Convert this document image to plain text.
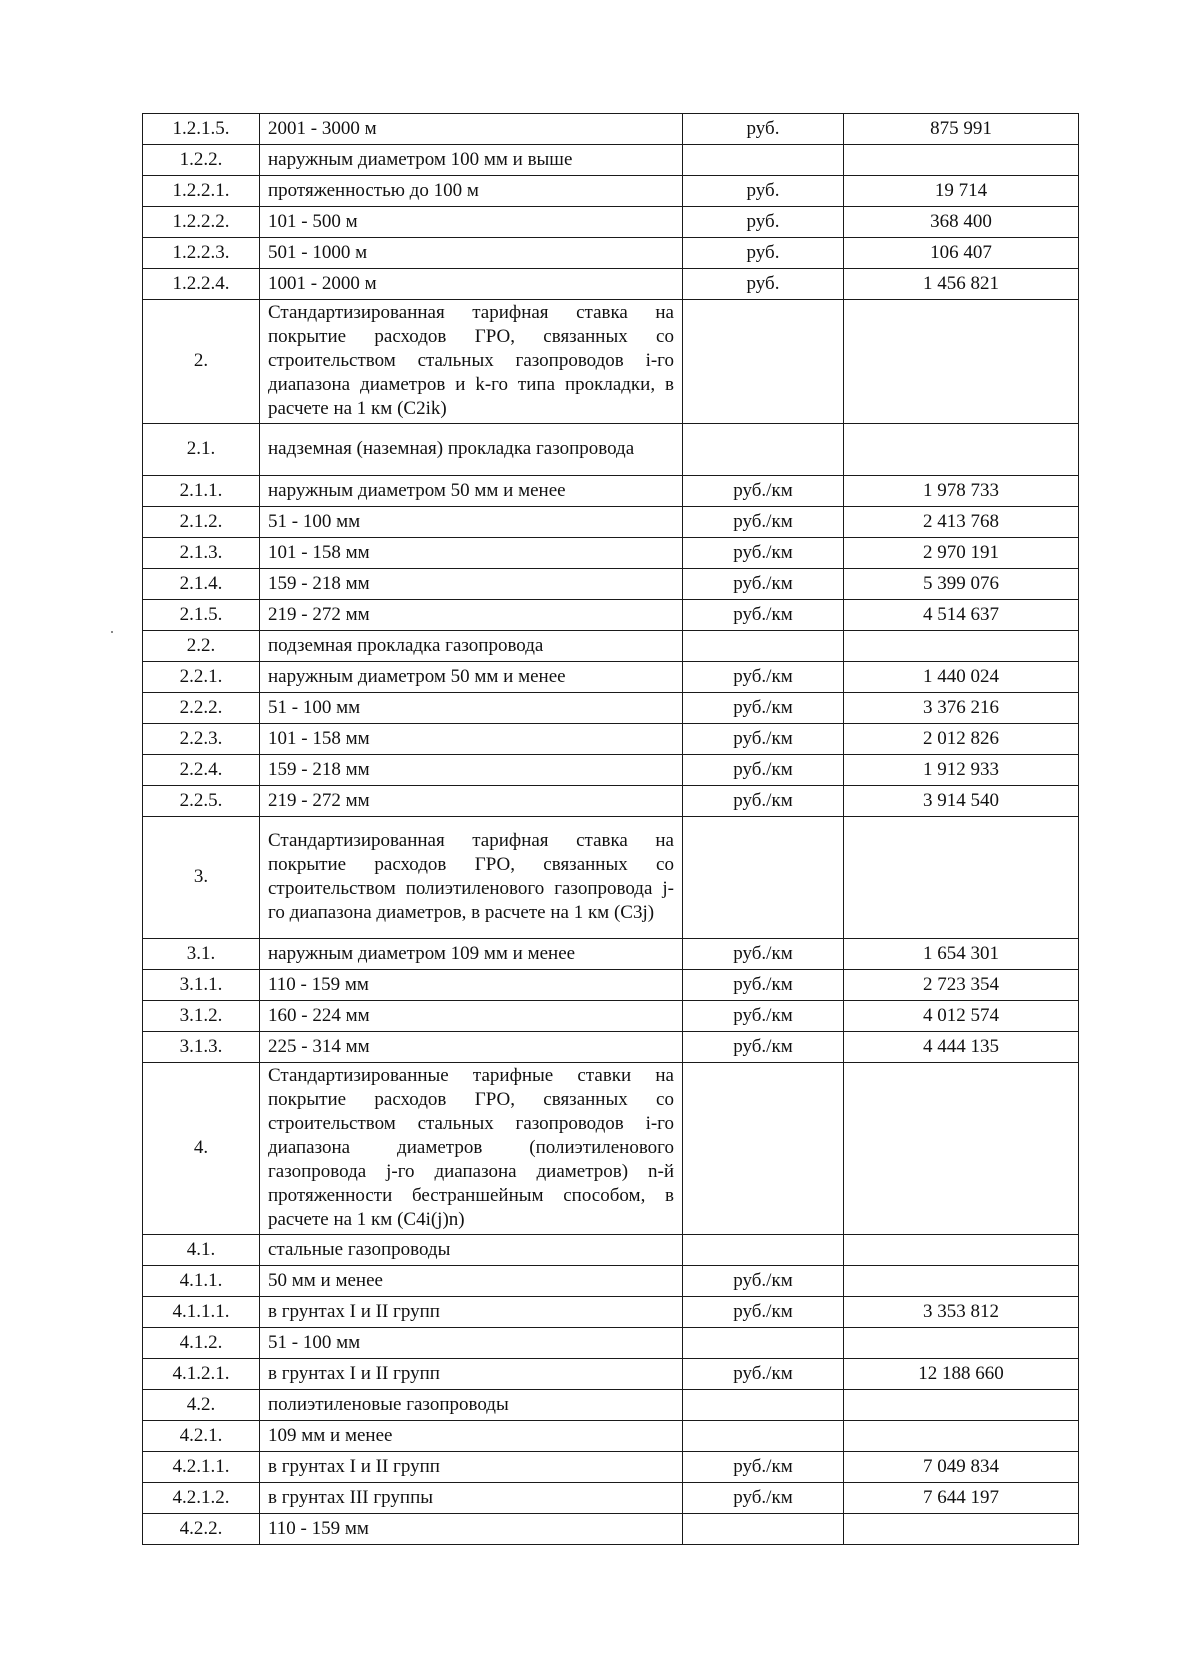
1.2.1.5.	2001 - 3000 м	руб.	875 991
1.2.2.	наружным диаметром 100 мм и выше		
1.2.2.1.	протяженностью до 100 м	руб.	19 714
1.2.2.2.	101 - 500 м	руб.	368 400
1.2.2.3.	501 - 1000 м	руб.	106 407
1.2.2.4.	1001 - 2000 м	руб.	1 456 821
2.	Стандартизированная тарифная ставка на покрытие расходов ГРО, связанных со строительством стальных газопроводов i-го диапазона диаметров и k-го типа прокладки, в расчете на 1 км (C2ik)		
2.1.	надземная (наземная) прокладка газопровода		
2.1.1.	наружным диаметром 50 мм и менее	руб./км	1 978 733
2.1.2.	51 - 100 мм	руб./км	2 413 768
2.1.3.	101 - 158 мм	руб./км	2 970 191
2.1.4.	159 - 218 мм	руб./км	5 399 076
2.1.5.	219 - 272 мм	руб./км	4 514 637
2.2.	подземная прокладка газопровода		
2.2.1.	наружным диаметром 50 мм и менее	руб./км	1 440 024
2.2.2.	51 - 100 мм	руб./км	3 376 216
2.2.3.	101 - 158 мм	руб./км	2 012 826
2.2.4.	159 - 218 мм	руб./км	1 912 933
2.2.5.	219 - 272 мм	руб./км	3 914 540
3.	Стандартизированная тарифная ставка на покрытие расходов ГРО, связанных со строительством полиэтиленового газопровода j-го диапазона диаметров, в расчете на 1 км (C3j)		
3.1.	наружным диаметром 109 мм и менее	руб./км	1 654 301
3.1.1.	110 - 159 мм	руб./км	2 723 354
3.1.2.	160 - 224 мм	руб./км	4 012 574
3.1.3.	225 - 314 мм	руб./км	4 444 135
4.	Стандартизированные тарифные ставки на покрытие расходов ГРО, связанных со строительством стальных газопроводов i-го диапазона диаметров (полиэтиленового газопровода j-го диапазона диаметров) n-й протяженности бестраншейным способом, в расчете на 1 км (C4i(j)n)		
4.1.	стальные газопроводы		
4.1.1.	50 мм и менее	руб./км	
4.1.1.1.	в грунтах I и II групп	руб./км	3 353 812
4.1.2.	51 - 100 мм		
4.1.2.1.	в грунтах I и II групп	руб./км	12 188 660
4.2.	полиэтиленовые газопроводы		
4.2.1.	109 мм и менее		
4.2.1.1.	в грунтах I и II групп	руб./км	7 049 834
4.2.1.2.	в грунтах III группы	руб./км	7 644 197
4.2.2.	110 - 159 мм		
